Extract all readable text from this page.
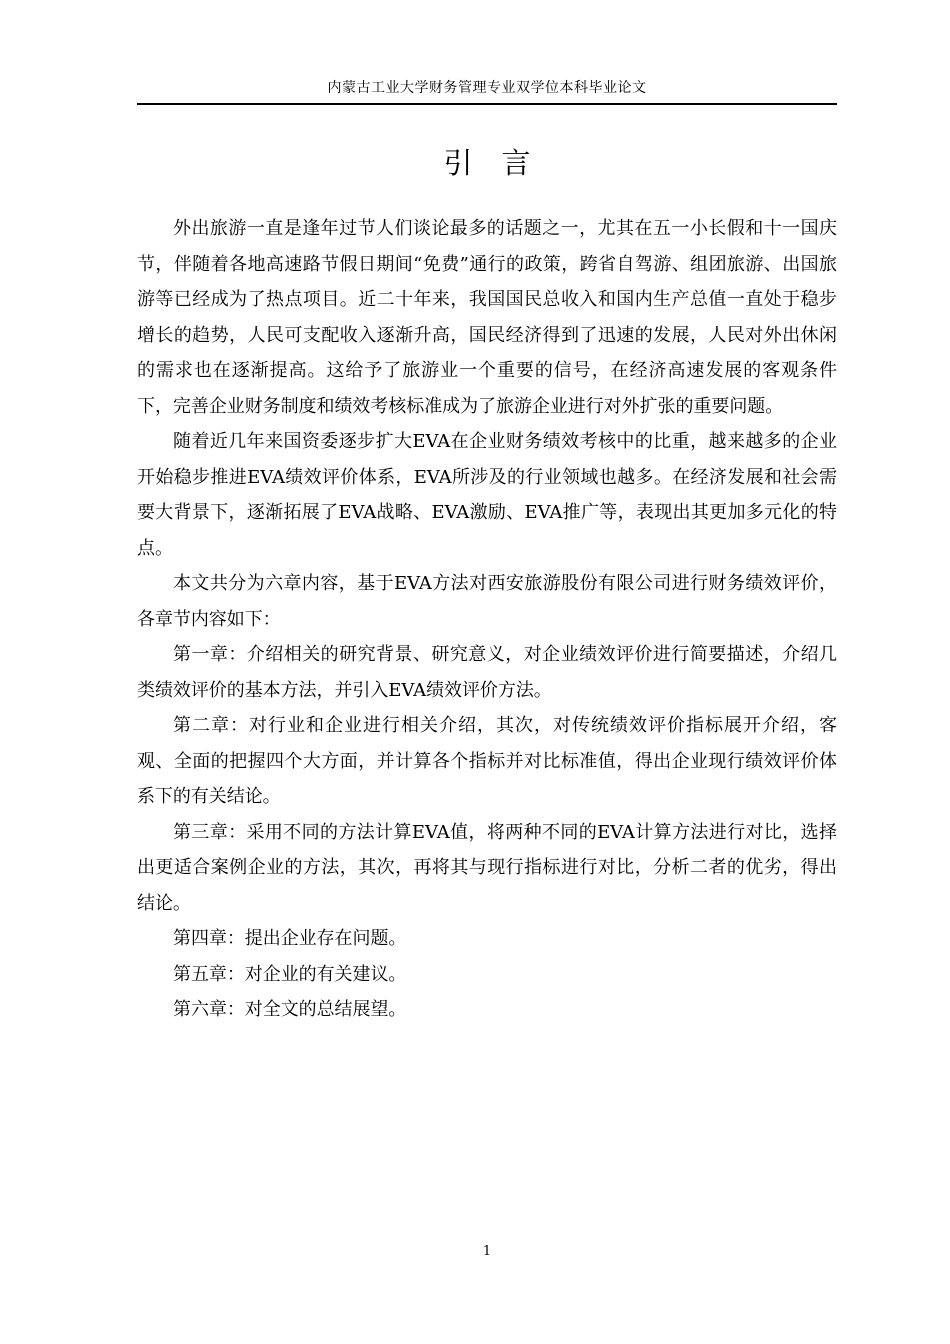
内蒙古工业大学财务管理专业双学位本科毕业论文
引　言

外出旅游一直是逢年过节人们谈论最多的话题之一，尤其在五一小长假和十一国庆节，伴随着各地高速路节假日期间“免费”通行的政策，跨省自驾游、组团旅游、出国旅游等已经成为了热点项目。近二十年来，我国国民总收入和国内生产总值一直处于稳步增长的趋势，人民可支配收入逐渐升高，国民经济得到了迅速的发展，人民对外出休闲的需求也在逐渐提高。这给予了旅游业一个重要的信号，在经济高速发展的客观条件下，完善企业财务制度和绩效考核标准成为了旅游企业进行对外扩张的重要问题。

随着近几年来国资委逐步扩大EVA在企业财务绩效考核中的比重，越来越多的企业开始稳步推进EVA绩效评价体系，EVA所涉及的行业领域也越多。在经济发展和社会需要大背景下，逐渐拓展了EVA战略、EVA激励、EVA推广等，表现出其更加多元化的特点。

本文共分为六章内容，基于EVA方法对西安旅游股份有限公司进行财务绩效评价，各章节内容如下：

第一章：介绍相关的研究背景、研究意义，对企业绩效评价进行简要描述，介绍几类绩效评价的基本方法，并引入EVA绩效评价方法。

第二章：对行业和企业进行相关介绍，其次，对传统绩效评价指标展开介绍，客观、全面的把握四个大方面，并计算各个指标并对比标准值，得出企业现行绩效评价体系下的有关结论。

第三章：采用不同的方法计算EVA值，将两种不同的EVA计算方法进行对比，选择出更适合案例企业的方法，其次，再将其与现行指标进行对比，分析二者的优劣，得出结论。

第四章：提出企业存在问题。

第五章：对企业的有关建议。

第六章：对全文的总结展望。

1
